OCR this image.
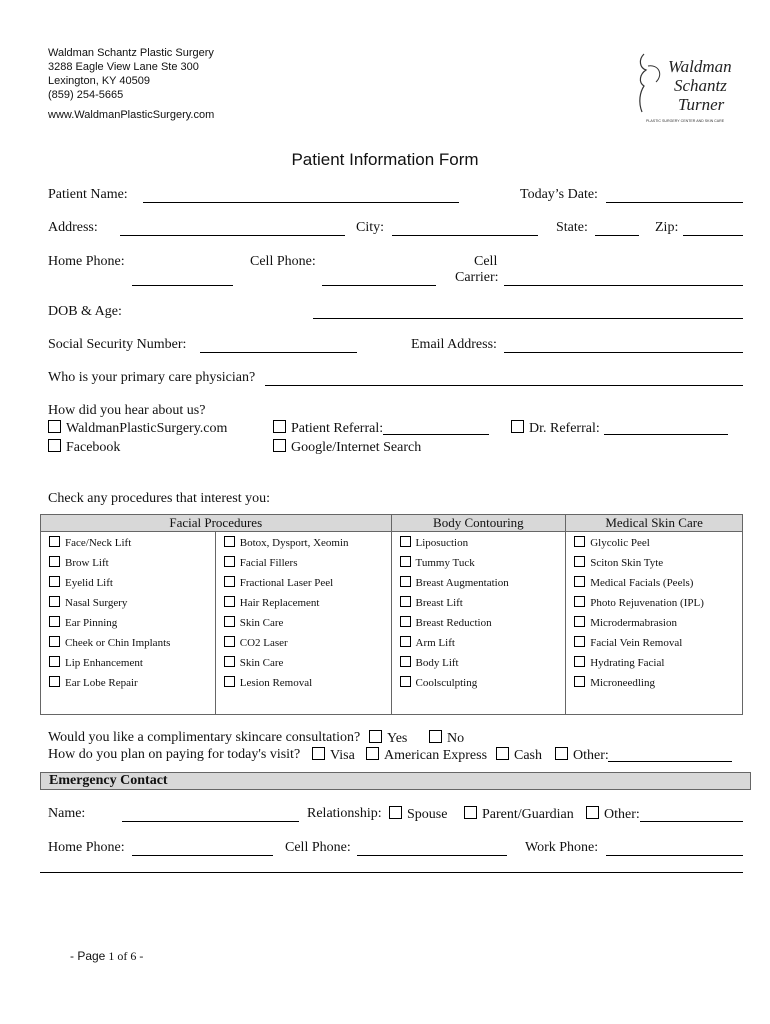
Waldman Schantz Plastic Surgery
3288 Eagle View Lane Ste 300
Lexington, KY 40509
(859) 254-5665
www.WaldmanPlasticSurgery.com
Waldman
Schantz
Turner
PLASTIC SURGERY CENTER AND SKIN CARE
Patient Information Form
Patient Name:	Today’s Date:
Address:	City:	State:	Zip:
Home Phone:	Cell Phone:	Cell
Carrier:
DOB & Age:
Social Security Number:	Email Address:
Who is your primary care physician?
How did you hear about us?
WaldmanPlasticSurgery.com
Facebook
Patient Referral:
Google/Internet Search
Dr. Referral:
Check any procedures that interest you:
Facial Procedures		Body Contouring	Medical Skin Care
Face/Neck Lift	Botox, Dysport, Xeomin	Liposuction	Glycolic Peel
Brow Lift	Facial Fillers	Tummy Tuck	Sciton Skin Tyte
Eyelid Lift	Fractional Laser Peel	Breast Augmentation	Medical Facials (Peels)
Nasal Surgery	Hair Replacement	Breast Lift	Photo Rejuvenation (IPL)
Ear Pinning	Skin Care	Breast Reduction	Microdermabrasion
Cheek or Chin Implants	CO2 Laser	Arm Lift	Facial Vein Removal
Lip Enhancement	Skin Care	Body Lift	Hydrating Facial
Ear Lobe Repair	Lesion Removal	Coolsculpting	Microneedling

Would you like a complimentary skincare consultation?	Yes	No
How do you plan on paying for today's visit?	Visa	American Express	Cash	Other:
Emergency Contact
Name:	Relationship:	Spouse	Parent/Guardian	Other:
Home Phone:	Cell Phone:	Work Phone:
- Page 1 of 6 -
